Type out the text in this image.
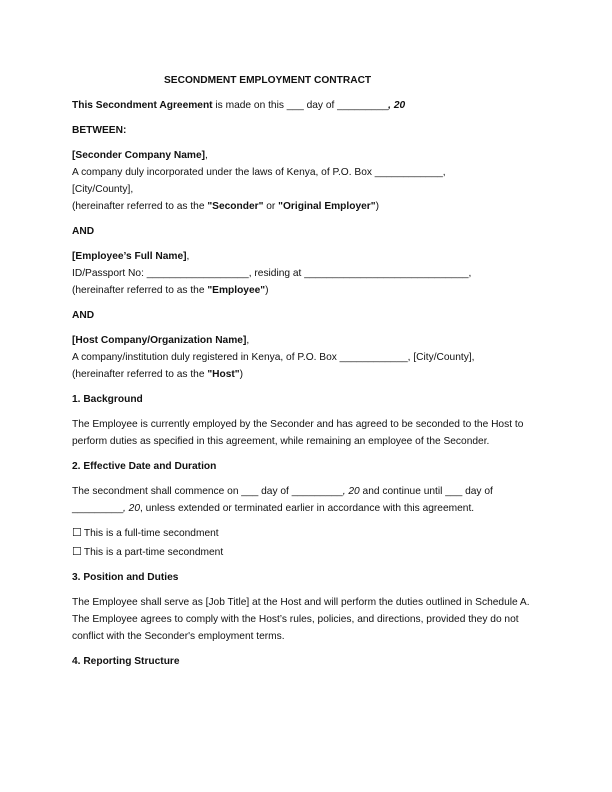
SECONDMENT EMPLOYMENT CONTRACT

This Secondment Agreement is made on this ___ day of _________, 20

BETWEEN:

[Seconder Company Name],
A company duly incorporated under the laws of Kenya, of P.O. Box ____________,
[City/County],
(hereinafter referred to as the "Seconder" or "Original Employer")

AND

[Employee’s Full Name],
ID/Passport No: __________________, residing at _____________________________,
(hereinafter referred to as the "Employee")

AND

[Host Company/Organization Name],
A company/institution duly registered in Kenya, of P.O. Box ____________, [City/County],
(hereinafter referred to as the "Host")

1. Background

The Employee is currently employed by the Seconder and has agreed to be seconded to the Host to perform duties as specified in this agreement, while remaining an employee of the Seconder.

2. Effective Date and Duration

The secondment shall commence on ___ day of _________, 20 and continue until ___ day of _________, 20, unless extended or terminated earlier in accordance with this agreement.

☐ This is a full-time secondment

☐ This is a part-time secondment

3. Position and Duties

The Employee shall serve as [Job Title] at the Host and will perform the duties outlined in Schedule A.
The Employee agrees to comply with the Host’s rules, policies, and directions, provided they do not conflict with the Seconder's employment terms.

4. Reporting Structure
